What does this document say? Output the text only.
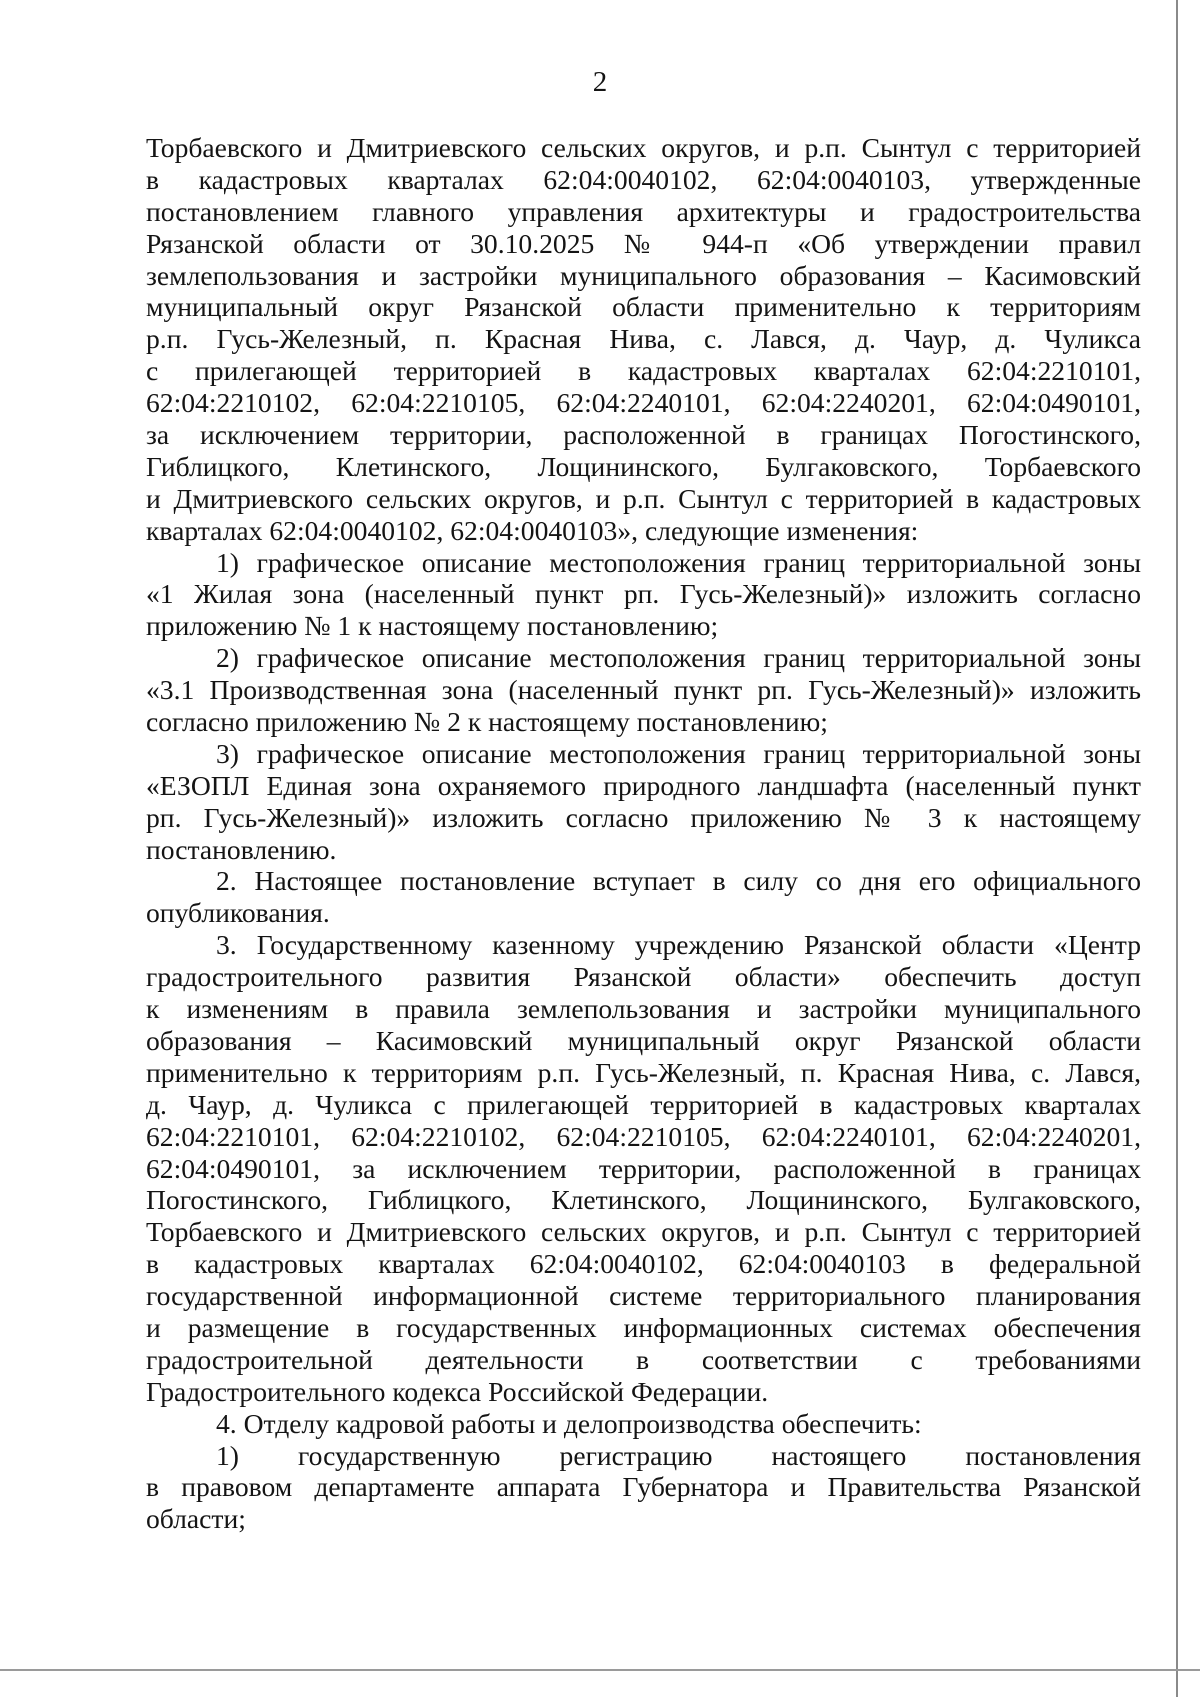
2
Торбаевского и Дмитриевского сельских округов, и р.п. Сынтул с территорией
в кадастровых кварталах 62:04:0040102, 62:04:0040103, утвержденные
постановлением главного управления архитектуры и градостроительства
Рязанской области от 30.10.2025 № 944-п «Об утверждении правил
землепользования и застройки муниципального образования – Касимовский
муниципальный округ Рязанской области применительно к территориям
р.п. Гусь-Железный, п. Красная Нива, с. Лався, д. Чаур, д. Чуликса
с прилегающей территорией в кадастровых кварталах 62:04:2210101,
62:04:2210102, 62:04:2210105, 62:04:2240101, 62:04:2240201, 62:04:0490101,
за исключением территории, расположенной в границах Погостинского,
Гиблицкого, Клетинского, Лощининского, Булгаковского, Торбаевского
и Дмитриевского сельских округов, и р.п. Сынтул с территорией в кадастровых
кварталах 62:04:0040102, 62:04:0040103», следующие изменения:
1) графическое описание местоположения границ территориальной зоны
«1 Жилая зона (населенный пункт рп. Гусь-Железный)» изложить согласно
приложению № 1 к настоящему постановлению;
2) графическое описание местоположения границ территориальной зоны
«3.1 Производственная зона (населенный пункт рп. Гусь-Железный)» изложить
согласно приложению № 2 к настоящему постановлению;
3) графическое описание местоположения границ территориальной зоны
«ЕЗОПЛ Единая зона охраняемого природного ландшафта (населенный пункт
рп. Гусь-Железный)» изложить согласно приложению № 3 к настоящему
постановлению.
2. Настоящее постановление вступает в силу со дня его официального
опубликования.
3. Государственному казенному учреждению Рязанской области «Центр
градостроительного развития Рязанской области» обеспечить доступ
к изменениям в правила землепользования и застройки муниципального
образования – Касимовский муниципальный округ Рязанской области
применительно к территориям р.п. Гусь-Железный, п. Красная Нива, с. Лався,
д. Чаур, д. Чуликса с прилегающей территорией в кадастровых кварталах
62:04:2210101, 62:04:2210102, 62:04:2210105, 62:04:2240101, 62:04:2240201,
62:04:0490101, за исключением территории, расположенной в границах
Погостинского, Гиблицкого, Клетинского, Лощининского, Булгаковского,
Торбаевского и Дмитриевского сельских округов, и р.п. Сынтул с территорией
в кадастровых кварталах 62:04:0040102, 62:04:0040103 в федеральной
государственной информационной системе территориального планирования
и размещение в государственных информационных системах обеспечения
градостроительной деятельности в соответствии с требованиями
Градостроительного кодекса Российской Федерации.
4. Отделу кадровой работы и делопроизводства обеспечить:
1) государственную регистрацию настоящего постановления
в правовом департаменте аппарата Губернатора и Правительства Рязанской
области;
